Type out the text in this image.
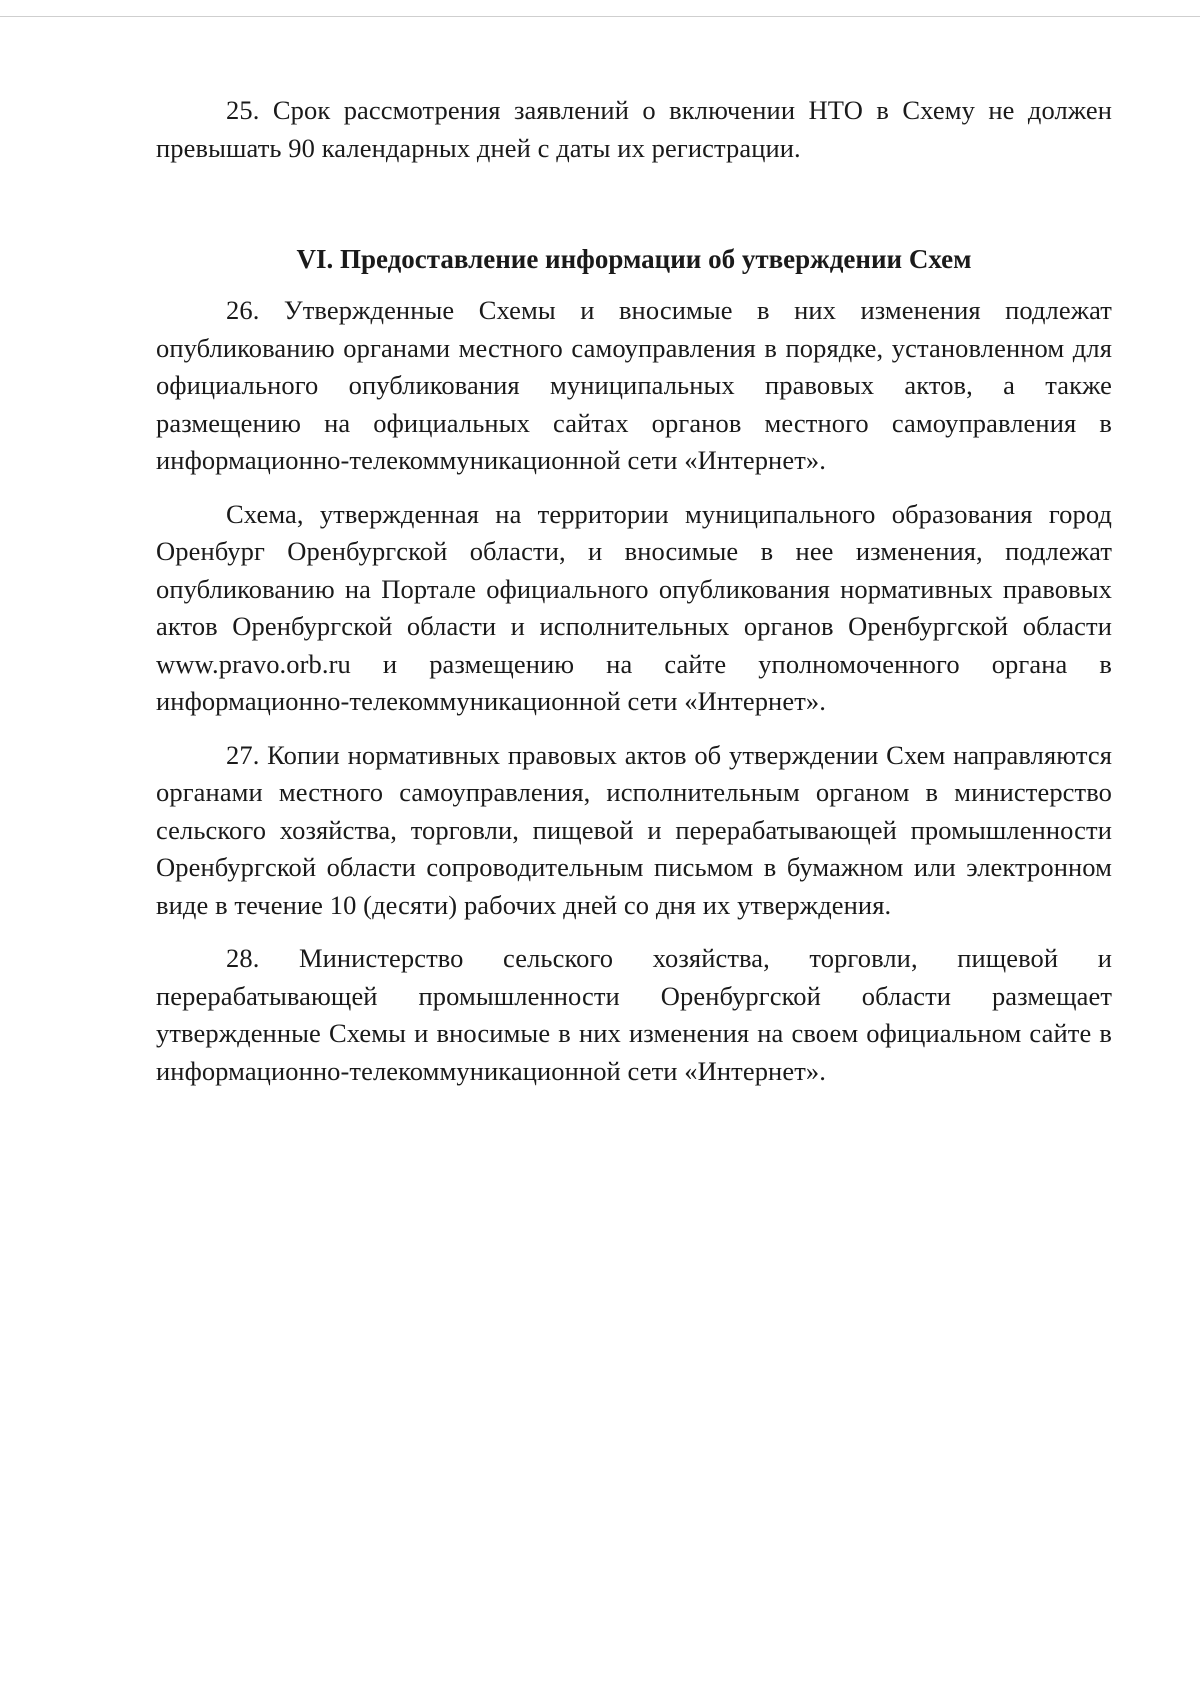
25. Срок рассмотрения заявлений о включении НТО в Схему не должен превышать 90 календарных дней с даты их регистрации.

VI. Предоставление информации об утверждении Схем

26. Утвержденные Схемы и вносимые в них изменения подлежат опубликованию органами местного самоуправления в порядке, установленном для официального опубликования муниципальных правовых актов, а также размещению на официальных сайтах органов местного самоуправления в информационно-телекоммуникационной сети «Интернет».

Схема, утвержденная на территории муниципального образования город Оренбург Оренбургской области, и вносимые в нее изменения, подлежат опубликованию на Портале официального опубликования нормативных правовых актов Оренбургской области и исполнительных органов Оренбургской области www.pravo.orb.ru и размещению на сайте уполномоченного органа в информационно-телекоммуникационной сети «Интернет».

27. Копии нормативных правовых актов об утверждении Схем направляются органами местного самоуправления, исполнительным органом в министерство сельского хозяйства, торговли, пищевой и перерабатывающей промышленности Оренбургской области сопроводительным письмом в бумажном или электронном виде в течение 10 (десяти) рабочих дней со дня их утверждения.

28. Министерство сельского хозяйства, торговли, пищевой и перерабатывающей промышленности Оренбургской области размещает утвержденные Схемы и вносимые в них изменения на своем официальном сайте в информационно-телекоммуникационной сети «Интернет».
